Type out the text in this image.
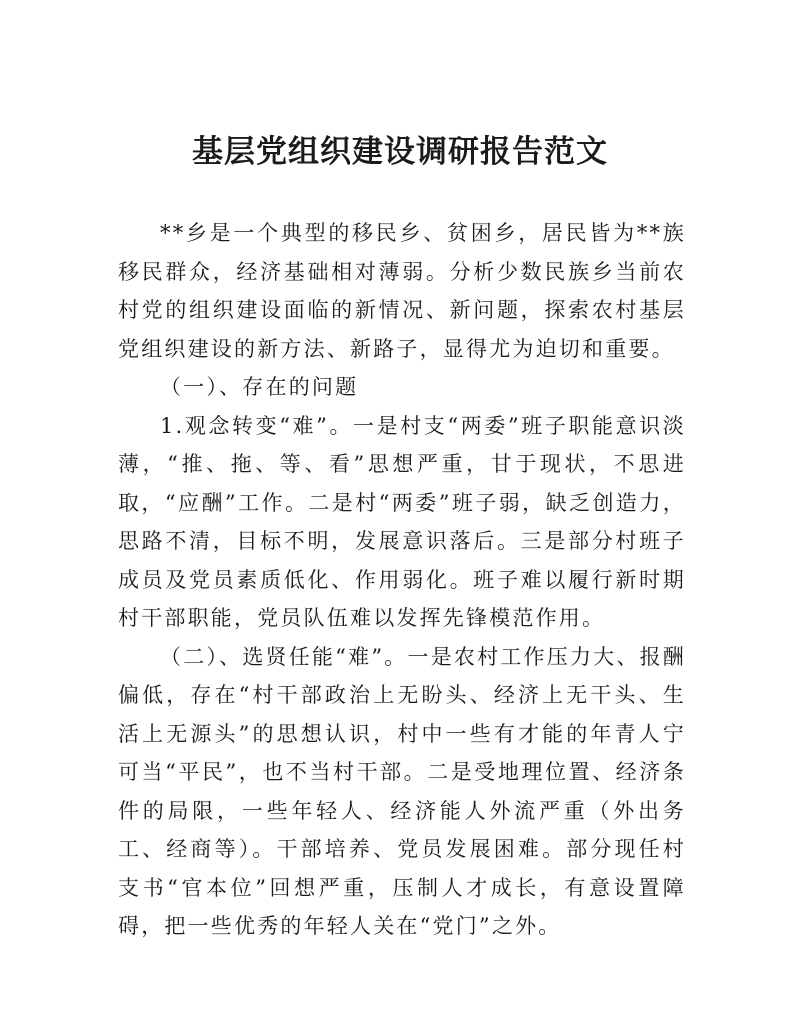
基层党组织建设调研报告范文

**乡是一个典型的移民乡、贫困乡，居民皆为**族移民群众，经济基础相对薄弱。分析少数民族乡当前农村党的组织建设面临的新情况、新问题，探索农村基层党组织建设的新方法、新路子，显得尤为迫切和重要。

（一）、存在的问题

1.观念转变“难”。一是村支“两委”班子职能意识淡薄，“推、拖、等、看”思想严重，甘于现状，不思进取，“应酬”工作。二是村“两委”班子弱，缺乏创造力，思路不清，目标不明，发展意识落后。三是部分村班子成员及党员素质低化、作用弱化。班子难以履行新时期村干部职能，党员队伍难以发挥先锋模范作用。

（二）、选贤任能“难”。一是农村工作压力大、报酬偏低，存在“村干部政治上无盼头、经济上无干头、生活上无源头”的思想认识，村中一些有才能的年青人宁可当“平民”，也不当村干部。二是受地理位置、经济条件的局限，一些年轻人、经济能人外流严重（外出务工、经商等）。干部培养、党员发展困难。部分现任村支书“官本位”回想严重，压制人才成长，有意设置障碍，把一些优秀的年轻人关在“党门”之外。
